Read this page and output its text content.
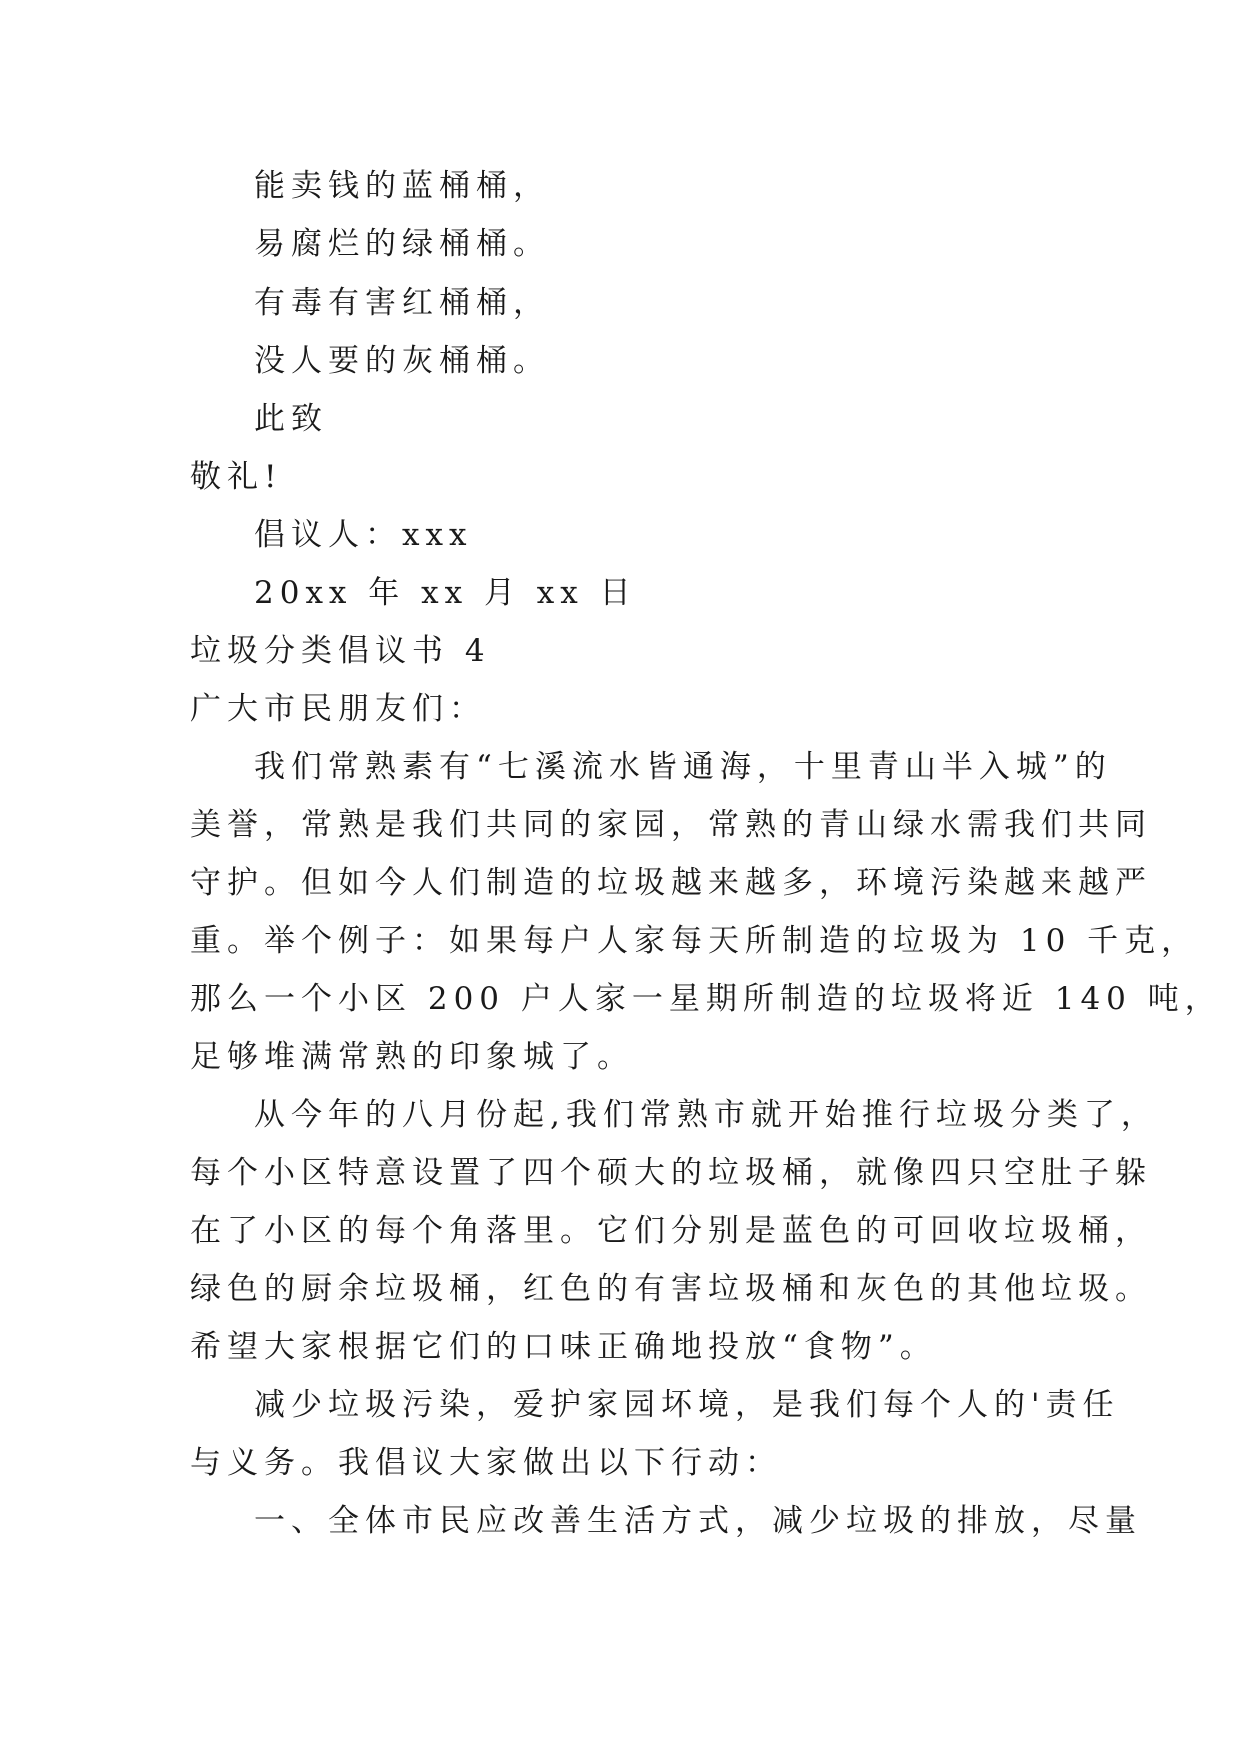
能卖钱的蓝桶桶，
易腐烂的绿桶桶。
有毒有害红桶桶，
没人要的灰桶桶。
此致
敬礼!
倡议人：xxx
20xx 年 xx 月 xx 日
垃圾分类倡议书 4
广大市民朋友们：
我们常熟素有“七溪流水皆通海，十里青山半入城”的
美誉，常熟是我们共同的家园，常熟的青山绿水需我们共同
守护。但如今人们制造的垃圾越来越多，环境污染越来越严
重。举个例子：如果每户人家每天所制造的垃圾为 10 千克，
那么一个小区 200 户人家一星期所制造的垃圾将近 140 吨，
足够堆满常熟的印象城了。
从今年的八月份起,我们常熟市就开始推行垃圾分类了，
每个小区特意设置了四个硕大的垃圾桶，就像四只空肚子躲
在了小区的每个角落里。它们分别是蓝色的可回收垃圾桶，
绿色的厨余垃圾桶，红色的有害垃圾桶和灰色的其他垃圾。
希望大家根据它们的口味正确地投放“食物”。
减少垃圾污染，爱护家园坏境，是我们每个人的'责任
与义务。我倡议大家做出以下行动：
一、全体市民应改善生活方式，减少垃圾的排放，尽量
